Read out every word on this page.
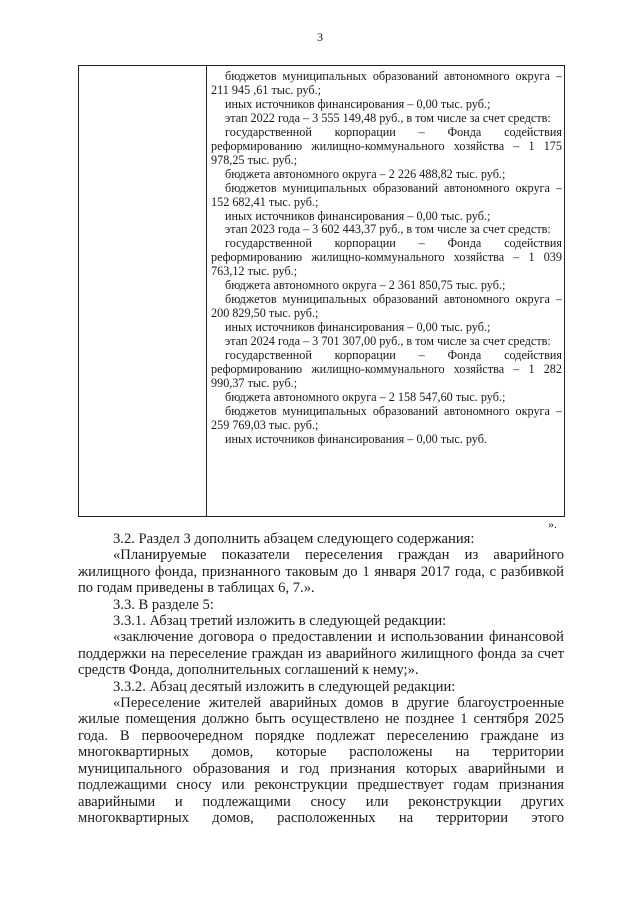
3

бюджетов муниципальных образований автономного округа – 211 945 ,61 тыс. руб.;

иных источников финансирования – 0,00 тыс. руб.;

этап 2022 года – 3 555 149,48 руб., в том числе за счет средств:

государственной корпорации – Фонда содействия реформированию жилищно-коммунального хозяйства – 1 175 978,25 тыс. руб.;

бюджета автономного округа – 2 226 488,82 тыс. руб.;

бюджетов муниципальных образований автономного округа – 152 682,41 тыс. руб.;

иных источников финансирования – 0,00 тыс. руб.;

этап 2023 года – 3 602 443,37 руб., в том числе за счет средств:

государственной корпорации – Фонда содействия реформированию жилищно-коммунального хозяйства – 1 039 763,12 тыс. руб.;

бюджета автономного округа – 2 361 850,75 тыс. руб.;

бюджетов муниципальных образований автономного округа – 200 829,50 тыс. руб.;

иных источников финансирования – 0,00 тыс. руб.;

этап 2024 года – 3 701 307,00 руб., в том числе за счет средств:

государственной корпорации – Фонда содействия реформированию жилищно-коммунального хозяйства – 1 282 990,37 тыс. руб.;

бюджета автономного округа – 2 158 547,60 тыс. руб.;

бюджетов муниципальных образований автономного округа – 259 769,03 тыс. руб.;

иных источников финансирования – 0,00 тыс. руб.

».

3.2. Раздел 3 дополнить абзацем следующего содержания:

«Планируемые показатели переселения граждан из аварийного жилищного фонда, признанного таковым до 1 января 2017 года, с разбивкой по годам приведены в таблицах 6, 7.».

3.3. В разделе 5:

3.3.1. Абзац третий изложить в следующей редакции:

«заключение договора о предоставлении и использовании финансовой поддержки на переселение граждан из аварийного жилищного фонда за счет средств Фонда, дополнительных соглашений к нему;».

3.3.2. Абзац десятый изложить в следующей редакции:

«Переселение жителей аварийных домов в другие благоустроенные жилые помещения должно быть осуществлено не позднее 1 сентября 2025 года. В первоочередном порядке подлежат переселению граждане из многоквартирных домов, которые расположены на территории муниципального образования и год признания которых аварийными и подлежащими сносу или реконструкции предшествует годам признания аварийными и подлежащими сносу или реконструкции других многоквартирных домов, расположенных на территории этого
